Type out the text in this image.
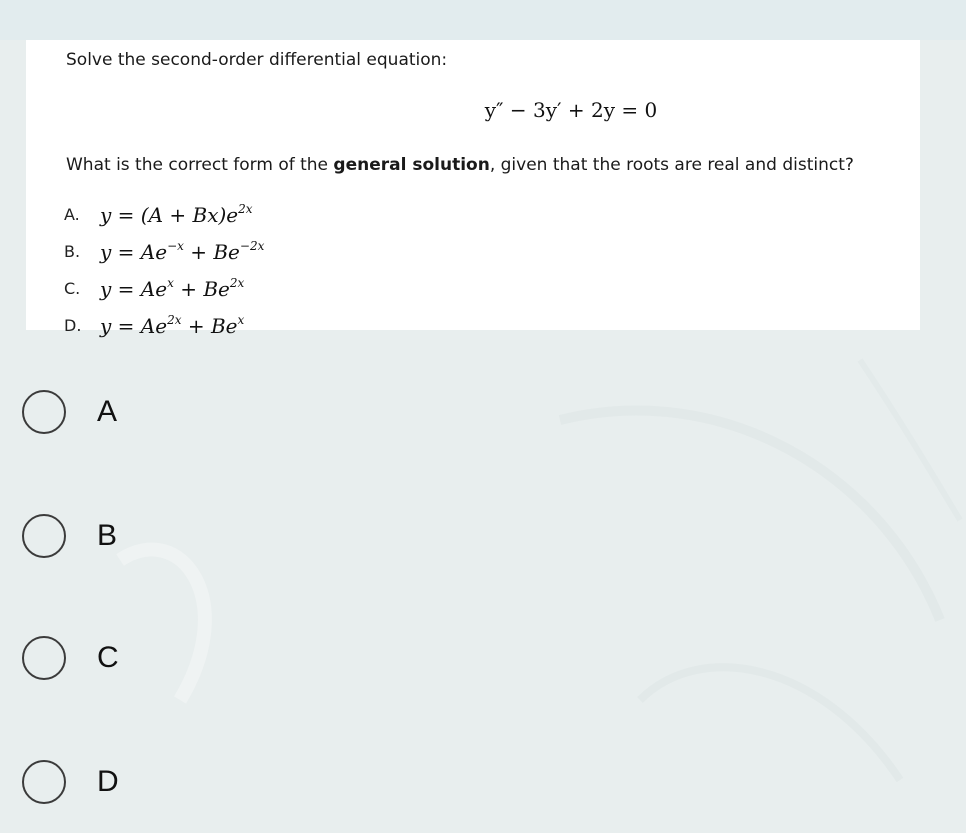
Solve the second-order differential equation:
y″ − 3y′ + 2y = 0
What is the correct form of the general solution, given that the roots are real and distinct?
A.	$y = (A + Bx)e^{2x}$
B. $y = Ae^{-x} + Be^{-2x}$
C. $y = Ae^x + Be^{2x}$
D. $y = Ae^{2x} + Be^x$
A
B
C
D
